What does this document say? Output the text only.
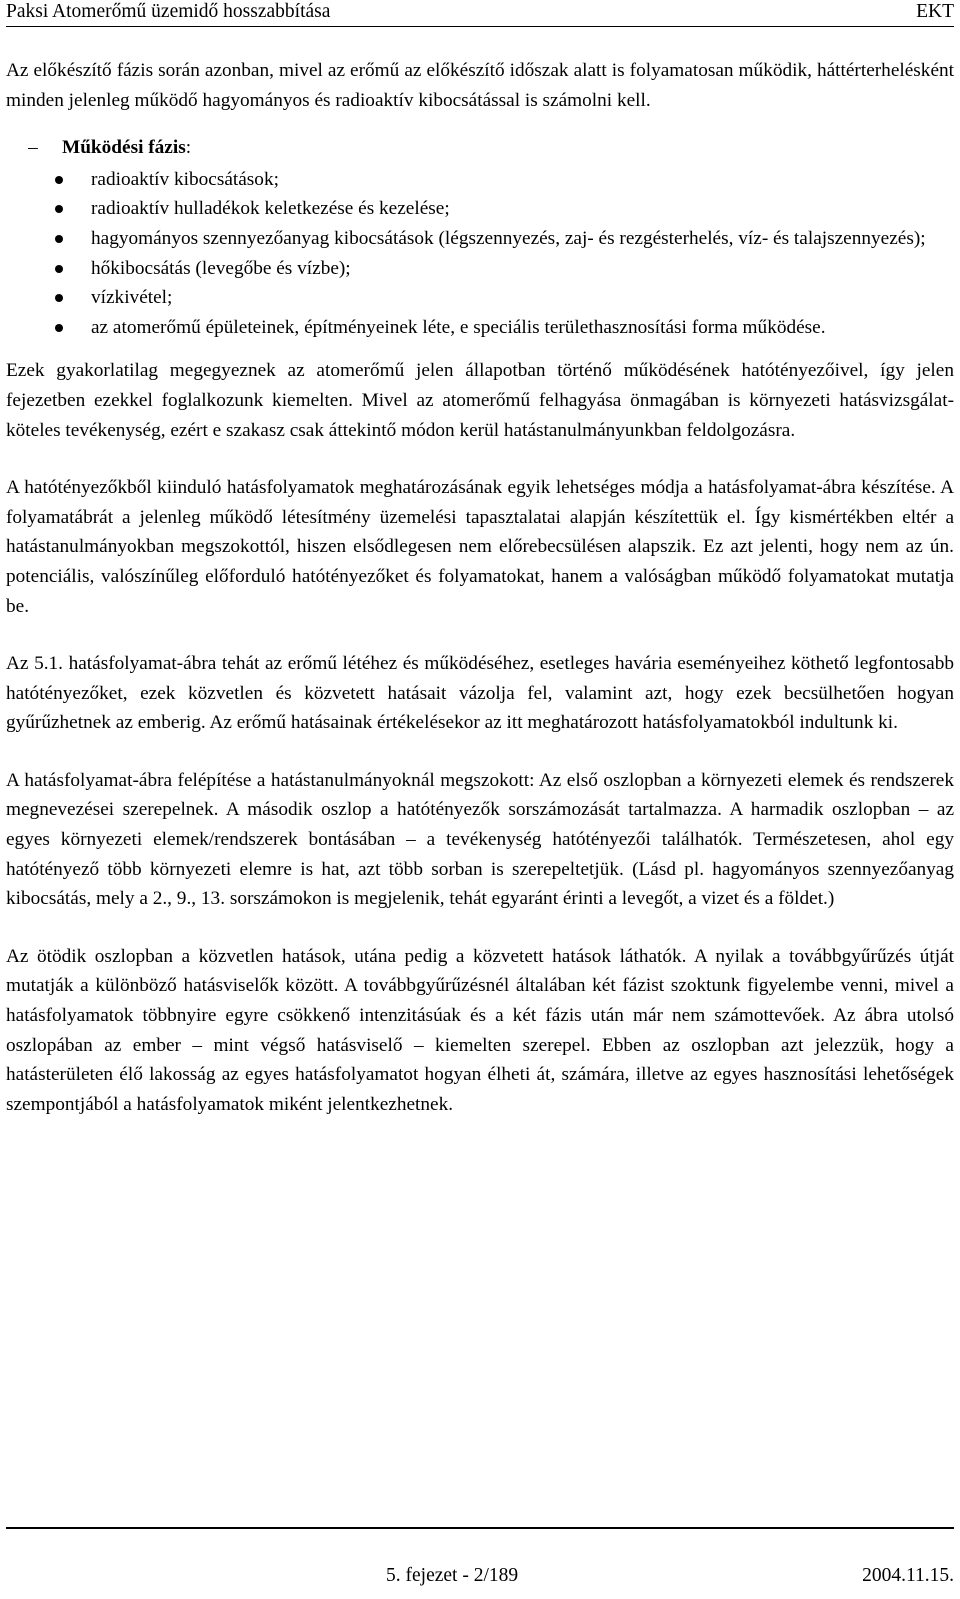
Paksi Atomerőmű üzemidő hosszabbítása	EKT

Az előkészítő fázis során azonban, mivel az erőmű az előkészítő időszak alatt is folyamatosan működik, háttérterhelésként minden jelenleg működő hagyományos és radioaktív kibocsátással is számolni kell.

–	Működési fázis:
radioaktív kibocsátások;
radioaktív hulladékok keletkezése és kezelése;
hagyományos szennyezőanyag kibocsátások (légszennyezés, zaj- és rezgésterhelés, víz- és talajszennyezés);
hőkibocsátás (levegőbe és vízbe);
vízkivétel;
az atomerőmű épületeinek, építményeinek léte, e speciális területhasznosítási forma működése.

Ezek gyakorlatilag megegyeznek az atomerőmű jelen állapotban történő működésének hatótényezőivel, így jelen fejezetben ezekkel foglalkozunk kiemelten. Mivel az atomerőmű felhagyása önmagában is környezeti hatásvizsgálat-köteles tevékenység, ezért e szakasz csak áttekintő módon kerül hatástanulmányunkban feldolgozásra.

A hatótényezőkből kiinduló hatásfolyamatok meghatározásának egyik lehetséges módja a hatásfolyamat-ábra készítése. A folyamatábrát a jelenleg működő létesítmény üzemelési tapasztalatai alapján készítettük el. Így kismértékben eltér a hatástanulmányokban megszokottól, hiszen elsődlegesen nem előrebecsülésen alapszik. Ez azt jelenti, hogy nem az ún. potenciális, valószínűleg előforduló hatótényezőket és folyamatokat, hanem a valóságban működő folyamatokat mutatja be.

Az 5.1. hatásfolyamat-ábra tehát az erőmű létéhez és működéséhez, esetleges havária eseményeihez köthető legfontosabb hatótényezőket, ezek közvetlen és közvetett hatásait vázolja fel, valamint azt, hogy ezek becsülhetően hogyan gyűrűzhetnek az emberig. Az erőmű hatásainak értékelésekor az itt meghatározott hatásfolyamatokból indultunk ki.

A hatásfolyamat-ábra felépítése a hatástanulmányoknál megszokott: Az első oszlopban a környezeti elemek és rendszerek megnevezései szerepelnek. A második oszlop a hatótényezők sorszámozását tartalmazza. A harmadik oszlopban – az egyes környezeti elemek/rendszerek bontásában – a tevékenység hatótényezői találhatók. Természetesen, ahol egy hatótényező több környezeti elemre is hat, azt több sorban is szerepeltetjük. (Lásd pl. hagyományos szennyezőanyag kibocsátás, mely a 2., 9., 13. sorszámokon is megjelenik, tehát egyaránt érinti a levegőt, a vizet és a földet.)

Az ötödik oszlopban a közvetlen hatások, utána pedig a közvetett hatások láthatók. A nyilak a továbbgyűrűzés útját mutatják a különböző hatásviselők között. A továbbgyűrűzésnél általában két fázist szoktunk figyelembe venni, mivel a hatásfolyamatok többnyire egyre csökkenő intenzitásúak és a két fázis után már nem számottevőek. Az ábra utolsó oszlopában az ember – mint végső hatásviselő – kiemelten szerepel. Ebben az oszlopban azt jelezzük, hogy a hatásterületen élő lakosság az egyes hatásfolyamatot hogyan élheti át, számára, illetve az egyes hasznosítási lehetőségek szempontjából a hatásfolyamatok miként jelentkezhetnek.

5. fejezet - 2/189	2004.11.15.
